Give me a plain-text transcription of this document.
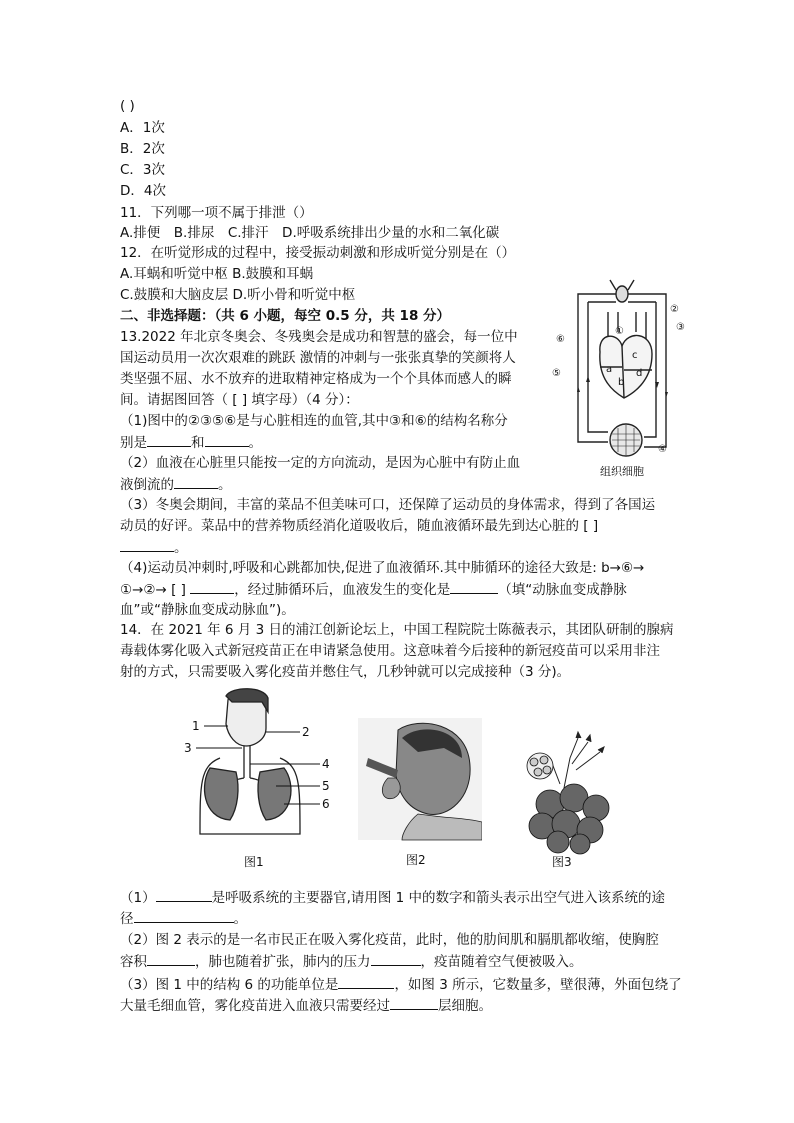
( )
A．1次
B．2次
C．3次
D．4次
11．下列哪一项不属于排泄（）
A.排便　B.排尿　C.排汗　D.呼吸系统排出少量的水和二氧化碳
12．在听觉形成的过程中，接受振动刺激和形成听觉分别是在（）
A.耳蜗和听觉中枢 B.鼓膜和耳蜗
C.鼓膜和大脑皮层 D.听小骨和听觉中枢
二、非选择题：（共 6 小题，每空 0.5 分，共 18 分）
13.2022 年北京冬奥会、冬残奥会是成功和智慧的盛会，每一位中
国运动员用一次次艰难的跳跃 激情的冲刺与一张张真挚的笑颜将人
类坚强不屈、水不放弃的进取精神定格成为一个个具体而感人的瞬
间。请据图回答（ [ ] 填字母）（4 分）：
（1)图中的②③⑤⑥是与心脏相连的血管,其中③和⑥的结构名称分
别是	和	。
（2）血液在心脏里只能按一定的方向流动，是因为心脏中有防止血
液倒流的	。
（3）冬奥会期间，丰富的菜品不但美味可口，还保障了运动员的身体需求，得到了各国运
动员的好评。菜品中的营养物质经消化道吸收后，随血液循环最先到达心脏的 [ ]
。
（4)运动员冲刺时,呼吸和心跳都加快,促进了血液循环.其中肺循环的途径大致是: b→⑥→
①→②→ [ ]	，经过肺循环后，血液发生的变化是	（填“动脉血变成静脉
血”或“静脉血变成动脉血”)。
①
②
③
④
⑤
⑥
a
b
c
d
组织细胞
14．在 2021 年 6 月 3 日的浦江创新论坛上，中国工程院院士陈薇表示，其团队研制的腺病
毒载体雾化吸入式新冠疫苗正在申请紧急使用。这意味着今后接种的新冠疫苗可以采用非注
射的方式，只需要吸入雾化疫苗并憋住气，几秒钟就可以完成接种（3 分)。
1	2
3
4
5
6
图1	图2	图3
（1）	是呼吸系统的主要器官,请用图 1 中的数字和箭头表示出空气进入该系统的途
径	。
（2）图 2 表示的是一名市民正在吸入雾化疫苗，此时，他的肋间肌和膈肌都收缩，使胸腔
容积	，肺也随着扩张，肺内的压力	，疫苗随着空气便被吸入。
（3）图 1 中的结构 6 的功能单位是	，如图 3 所示，它数量多，壁很薄，外面包绕了
大量毛细血管，雾化疫苗进入血液只需要经过	层细胞。
